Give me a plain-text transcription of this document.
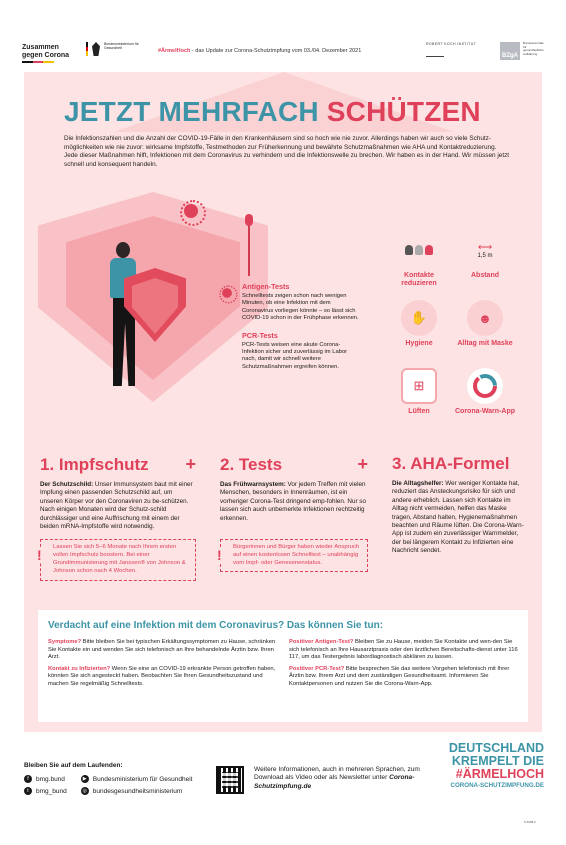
Zusammen
gegen Corona
Bundesministerium für Gesundheit	#ÄrmelHoch - das Update zur Corona-Schutzimpfung vom 03./04. Dezember 2021
ROBERT KOCH INSTITUT
BZgA
Bundeszentrale für gesundheitliche Aufklärung
JETZT MEHRFACH SCHÜTZEN

Die Infektionszahlen und die Anzahl der COVID-19-Fälle in den Krankenhäusern sind so hoch wie nie zuvor. Allerdings haben wir auch so viele Schutz-möglichkeiten wie nie zuvor: wirksame Impfstoffe, Testmethoden zur Früherkennung und bewährte Schutzmaßnahmen wie AHA und Kontaktreduzierung. Jede dieser Maßnahmen hilft, Infektionen mit dem Coronavirus zu verhindern und die Infektionswelle zu brechen. Wir haben es in der Hand. Wir müssen jetzt schnell und konsequent handeln.

Antigen-Tests
Schnelltests zeigen schon nach wenigen Minuten, ob eine Infektion mit dem Coronavirus vorliegen könnte – so lässt sich COVID-19 schon in der Frühphase erkennen.
PCR-Tests
PCR-Tests weisen eine akute Corona-Infektion sicher und zuverlässig im Labor nach, damit wir schnell weitere Schutzmaßnahmen ergreifen können.
Kontakte reduzieren
⟷
1,5 m
Abstand
✋
Hygiene
☻
Alltag mit Maske
⊞
Lüften	Corona-Warn-App
1. Impfschutz +

Der Schutzschild: Unser Immunsystem baut mit einer Impfung einen passenden Schutzschild auf, um unseren Körper vor den Coronaviren zu be-schützen. Nach einigen Monaten wird der Schutz-schild durchlässiger und eine Auffrischung mit einem der beiden mRNA-Impfstoffe wird notwendig.

! Lassen Sie sich 5–6 Monate nach Ihrem ersten vollen Impfschutz boostern. Bei einer Grundimmunisierung mit Janssen® von Johnson & Johnson schon nach 4 Wochen.
2. Tests	+

Das Frühwarnsystem: Vor jedem Treffen mit vielen Menschen, besonders in Innenräumen, ist ein vorheriger Corona-Test dringend emp-fohlen. Nur so lassen sich auch unbemerkte Infektionen rechtzeitig erkennen.

! Bürgerinnen und Bürger haben wieder Anspruch auf einen kostenlosen Schnelltest – unabhängig vom Impf- oder Genesenenstatus.
3. AHA-Formel

Die Alltagshelfer: Wer weniger Kontakte hat, reduziert das Ansteckungsrisiko für sich und andere erheblich. Lassen sich Kontakte im Alltag nicht vermeiden, helfen das Maske tragen, Abstand halten, Hygienemaßnahmen beachten und Räume lüften. Die Corona-Warn-App ist zudem ein zuverlässiger Warnmelder, der bei längerem Kontakt zu Infizierten eine Nachricht sendet.

Verdacht auf eine Infektion mit dem Coronavirus? Das können Sie tun:

Symptome? Bitte bleiben Sie bei typischen Erkältungssymptomen zu Hause, schränken Sie Kontakte ein und wenden Sie sich telefonisch an Ihre behandelnde Ärztin bzw. Ihren Arzt.

Kontakt zu Infizierten? Wenn Sie eine an COVID-19 erkrankte Person getroffen haben, könnten Sie sich angesteckt haben. Beobachten Sie Ihren Gesundheitszustand und machen Sie regelmäßig Schnelltests.

Positiver Antigen-Test? Bleiben Sie zu Hause, meiden Sie Kontakte und wen-den Sie sich telefonisch an Ihre Hausarztpraxis oder den ärztlichen Bereitschafts-dienst unter 116 117, um das Testergebnis labordiagnostisch abklären zu lassen.

Positiver PCR-Test? Bitte besprechen Sie das weitere Vorgehen telefonisch mit Ihrer Ärztin bzw. Ihrem Arzt und dem zuständigen Gesundheitsamt. Informieren Sie Kontaktpersonen und nutzen Sie die Corona-Warn-App.

Bleiben Sie auf dem Laufenden:
f	bmg.bund
t	bmg_bund
▶ Bundesministerium für Gesundheit
◎ bundesgesundheitsministerium

Weitere Informationen, auch in mehreren Sprachen, zum Download als Video oder als Newsletter unter Corona-Schutzimpfung.de

DEUTSCHLAND
KREMPELT DIE
#ÄRMELHOCH
CORONA-SCHUTZIMPFUNG.DE
5.2008.2
